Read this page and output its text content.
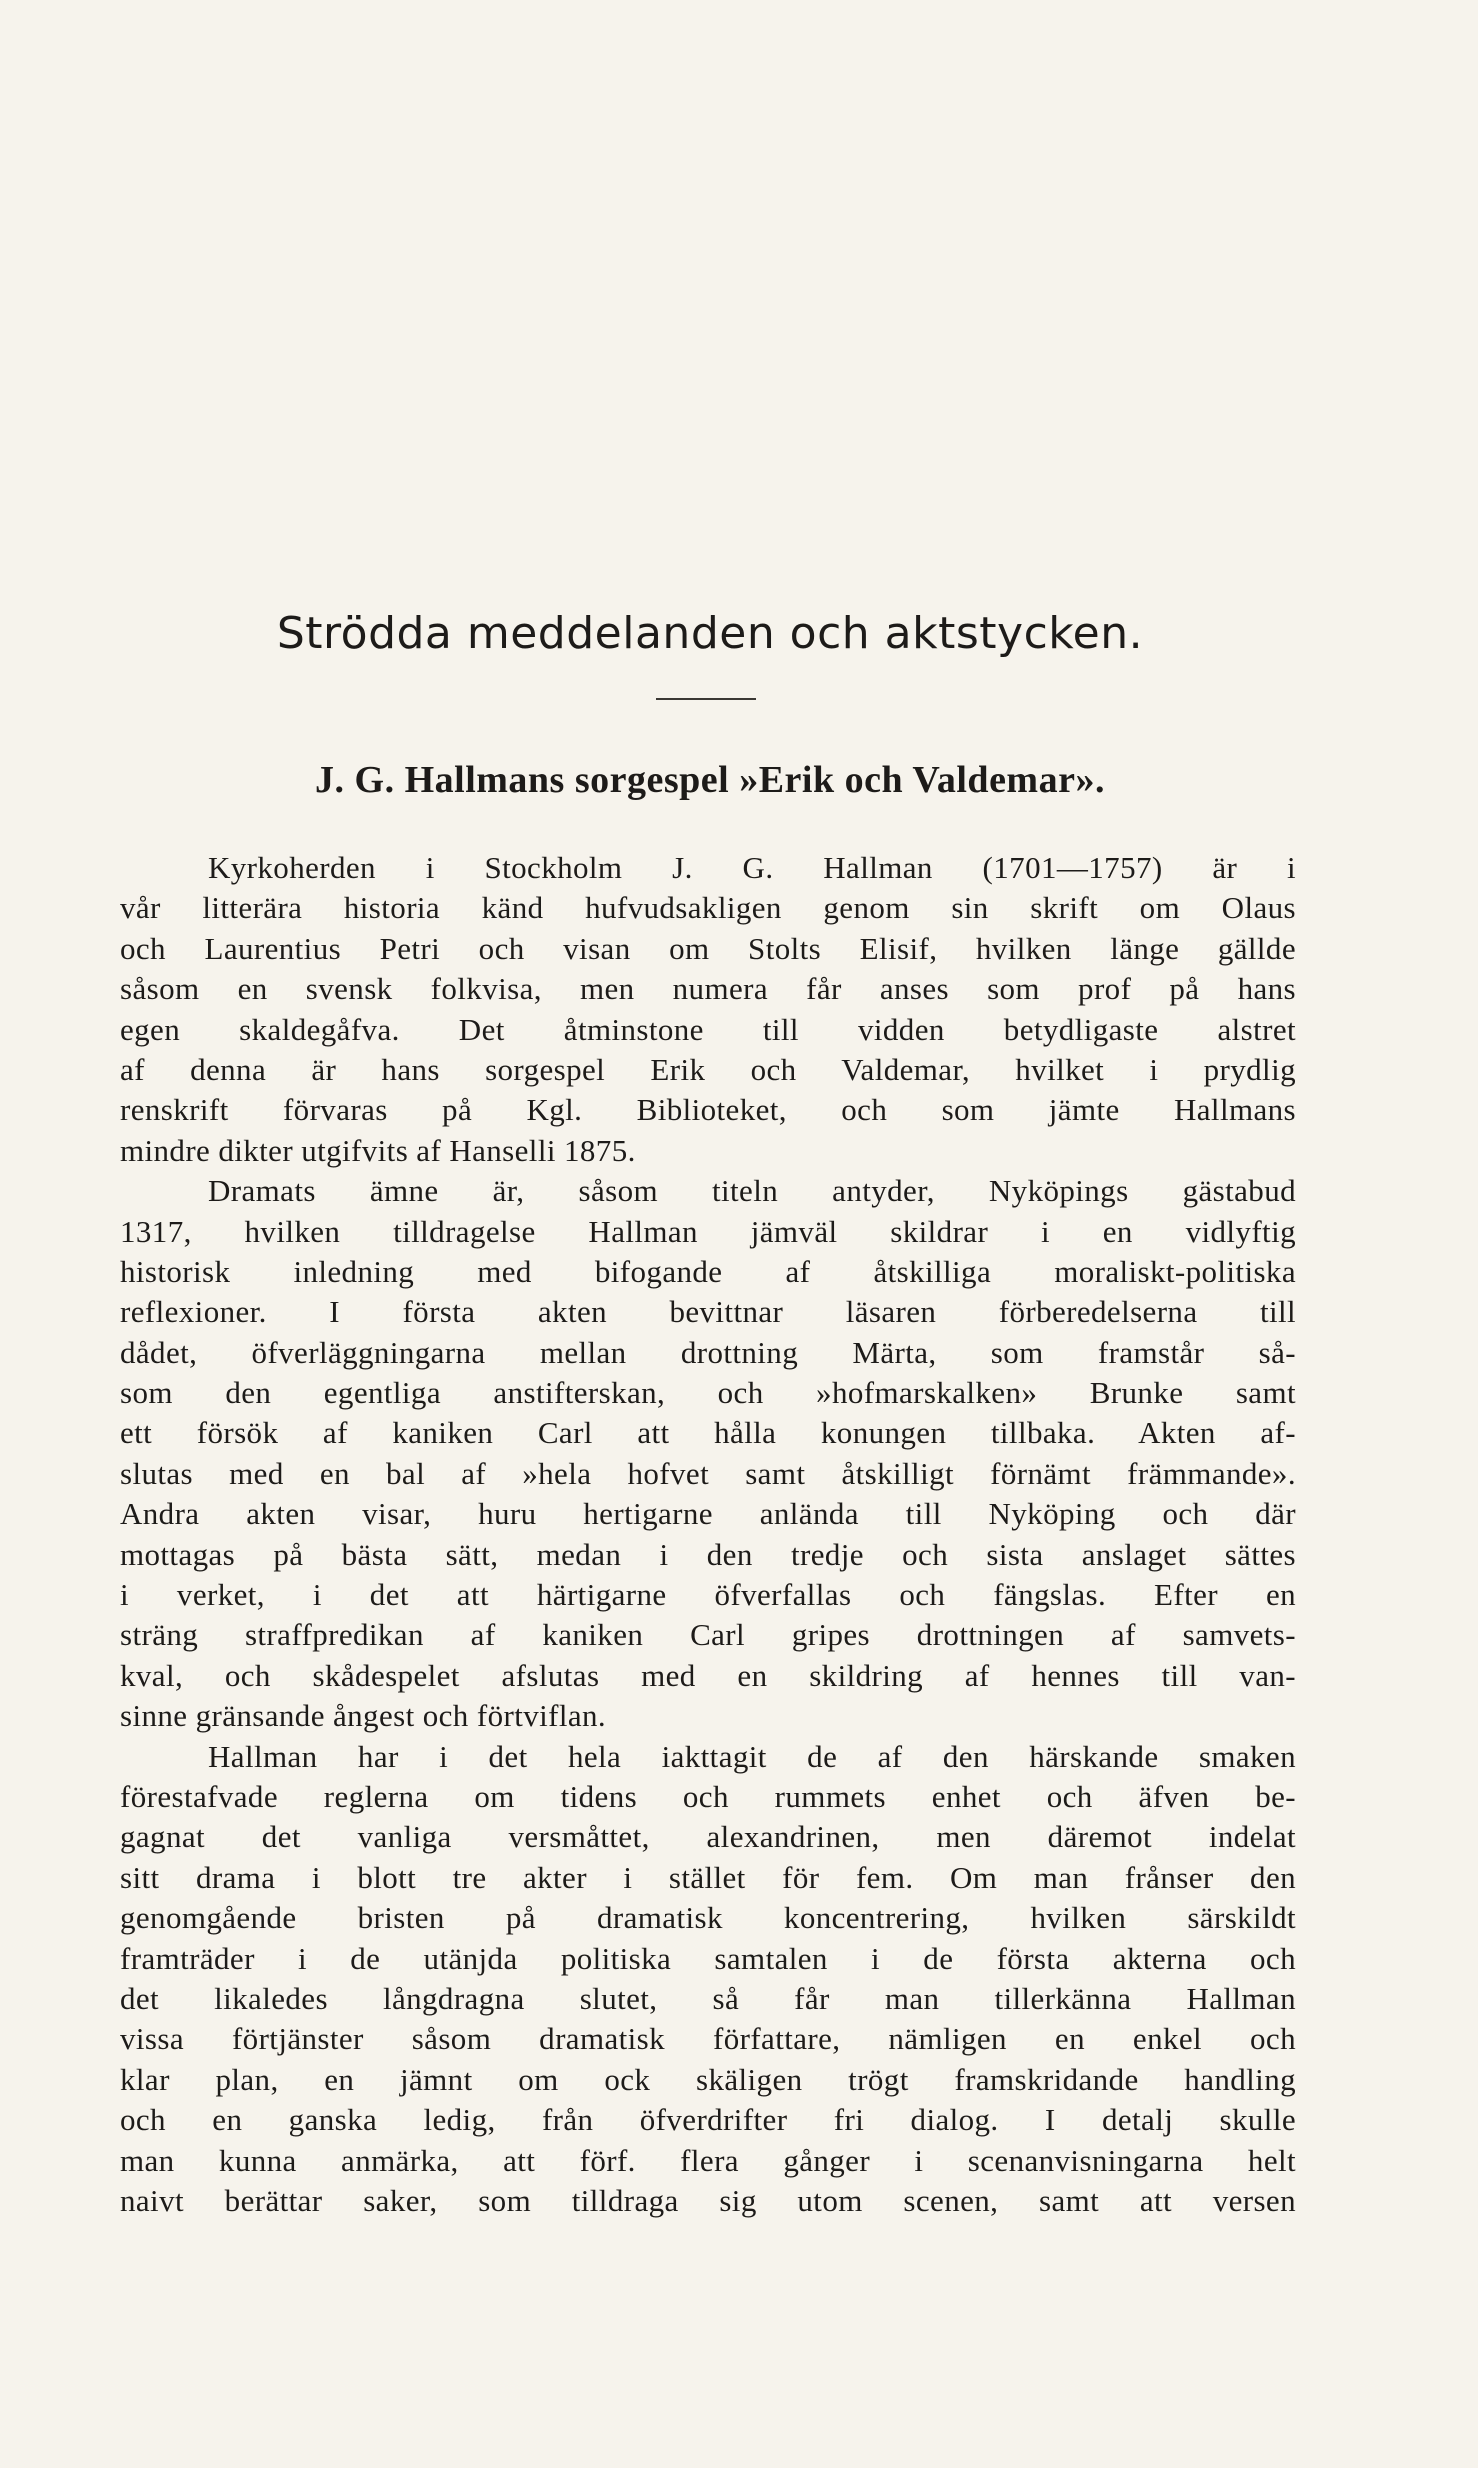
Strödda meddelanden och aktstycken.
J. G. Hallmans sorgespel »Erik och Valdemar».
Kyrkoherden i Stockholm J. G. Hallman (1701—1757) är i
vår litterära historia känd hufvudsakligen genom sin skrift om Olaus
och Laurentius Petri och visan om Stolts Elisif, hvilken länge gällde
såsom en svensk folkvisa, men numera får anses som prof på hans
egen skaldegåfva. Det åtminstone till vidden betydligaste alstret
af denna är hans sorgespel Erik och Valdemar, hvilket i prydlig
renskrift förvaras på Kgl. Biblioteket, och som jämte Hallmans
mindre dikter utgifvits af Hanselli 1875.
Dramats ämne är, såsom titeln antyder, Nyköpings gästabud
1317, hvilken tilldragelse Hallman jämväl skildrar i en vidlyftig
historisk inledning med bifogande af åtskilliga moraliskt-politiska
reflexioner. I första akten bevittnar läsaren förberedelserna till
dådet, öfverläggningarna mellan drottning Märta, som framstår så-
som den egentliga anstifterskan, och »hofmarskalken» Brunke samt
ett försök af kaniken Carl att hålla konungen tillbaka. Akten af-
slutas med en bal af »hela hofvet samt åtskilligt förnämt främmande».
Andra akten visar, huru hertigarne anlända till Nyköping och där
mottagas på bästa sätt, medan i den tredje och sista anslaget sättes
i verket, i det att härtigarne öfverfallas och fängslas. Efter en
sträng straffpredikan af kaniken Carl gripes drottningen af samvets-
kval, och skådespelet afslutas med en skildring af hennes till van-
sinne gränsande ångest och förtviflan.
Hallman har i det hela iakttagit de af den härskande smaken
förestafvade reglerna om tidens och rummets enhet och äfven be-
gagnat det vanliga versmåttet, alexandrinen, men däremot indelat
sitt drama i blott tre akter i stället för fem. Om man frånser den
genomgående bristen på dramatisk koncentrering, hvilken särskildt
framträder i de utänjda politiska samtalen i de första akterna och
det likaledes långdragna slutet, så får man tillerkänna Hallman
vissa förtjänster såsom dramatisk författare, nämligen en enkel och
klar plan, en jämnt om ock skäligen trögt framskridande handling
och en ganska ledig, från öfverdrifter fri dialog. I detalj skulle
man kunna anmärka, att förf. flera gånger i scenanvisningarna helt
naivt berättar saker, som tilldraga sig utom scenen, samt att versen
